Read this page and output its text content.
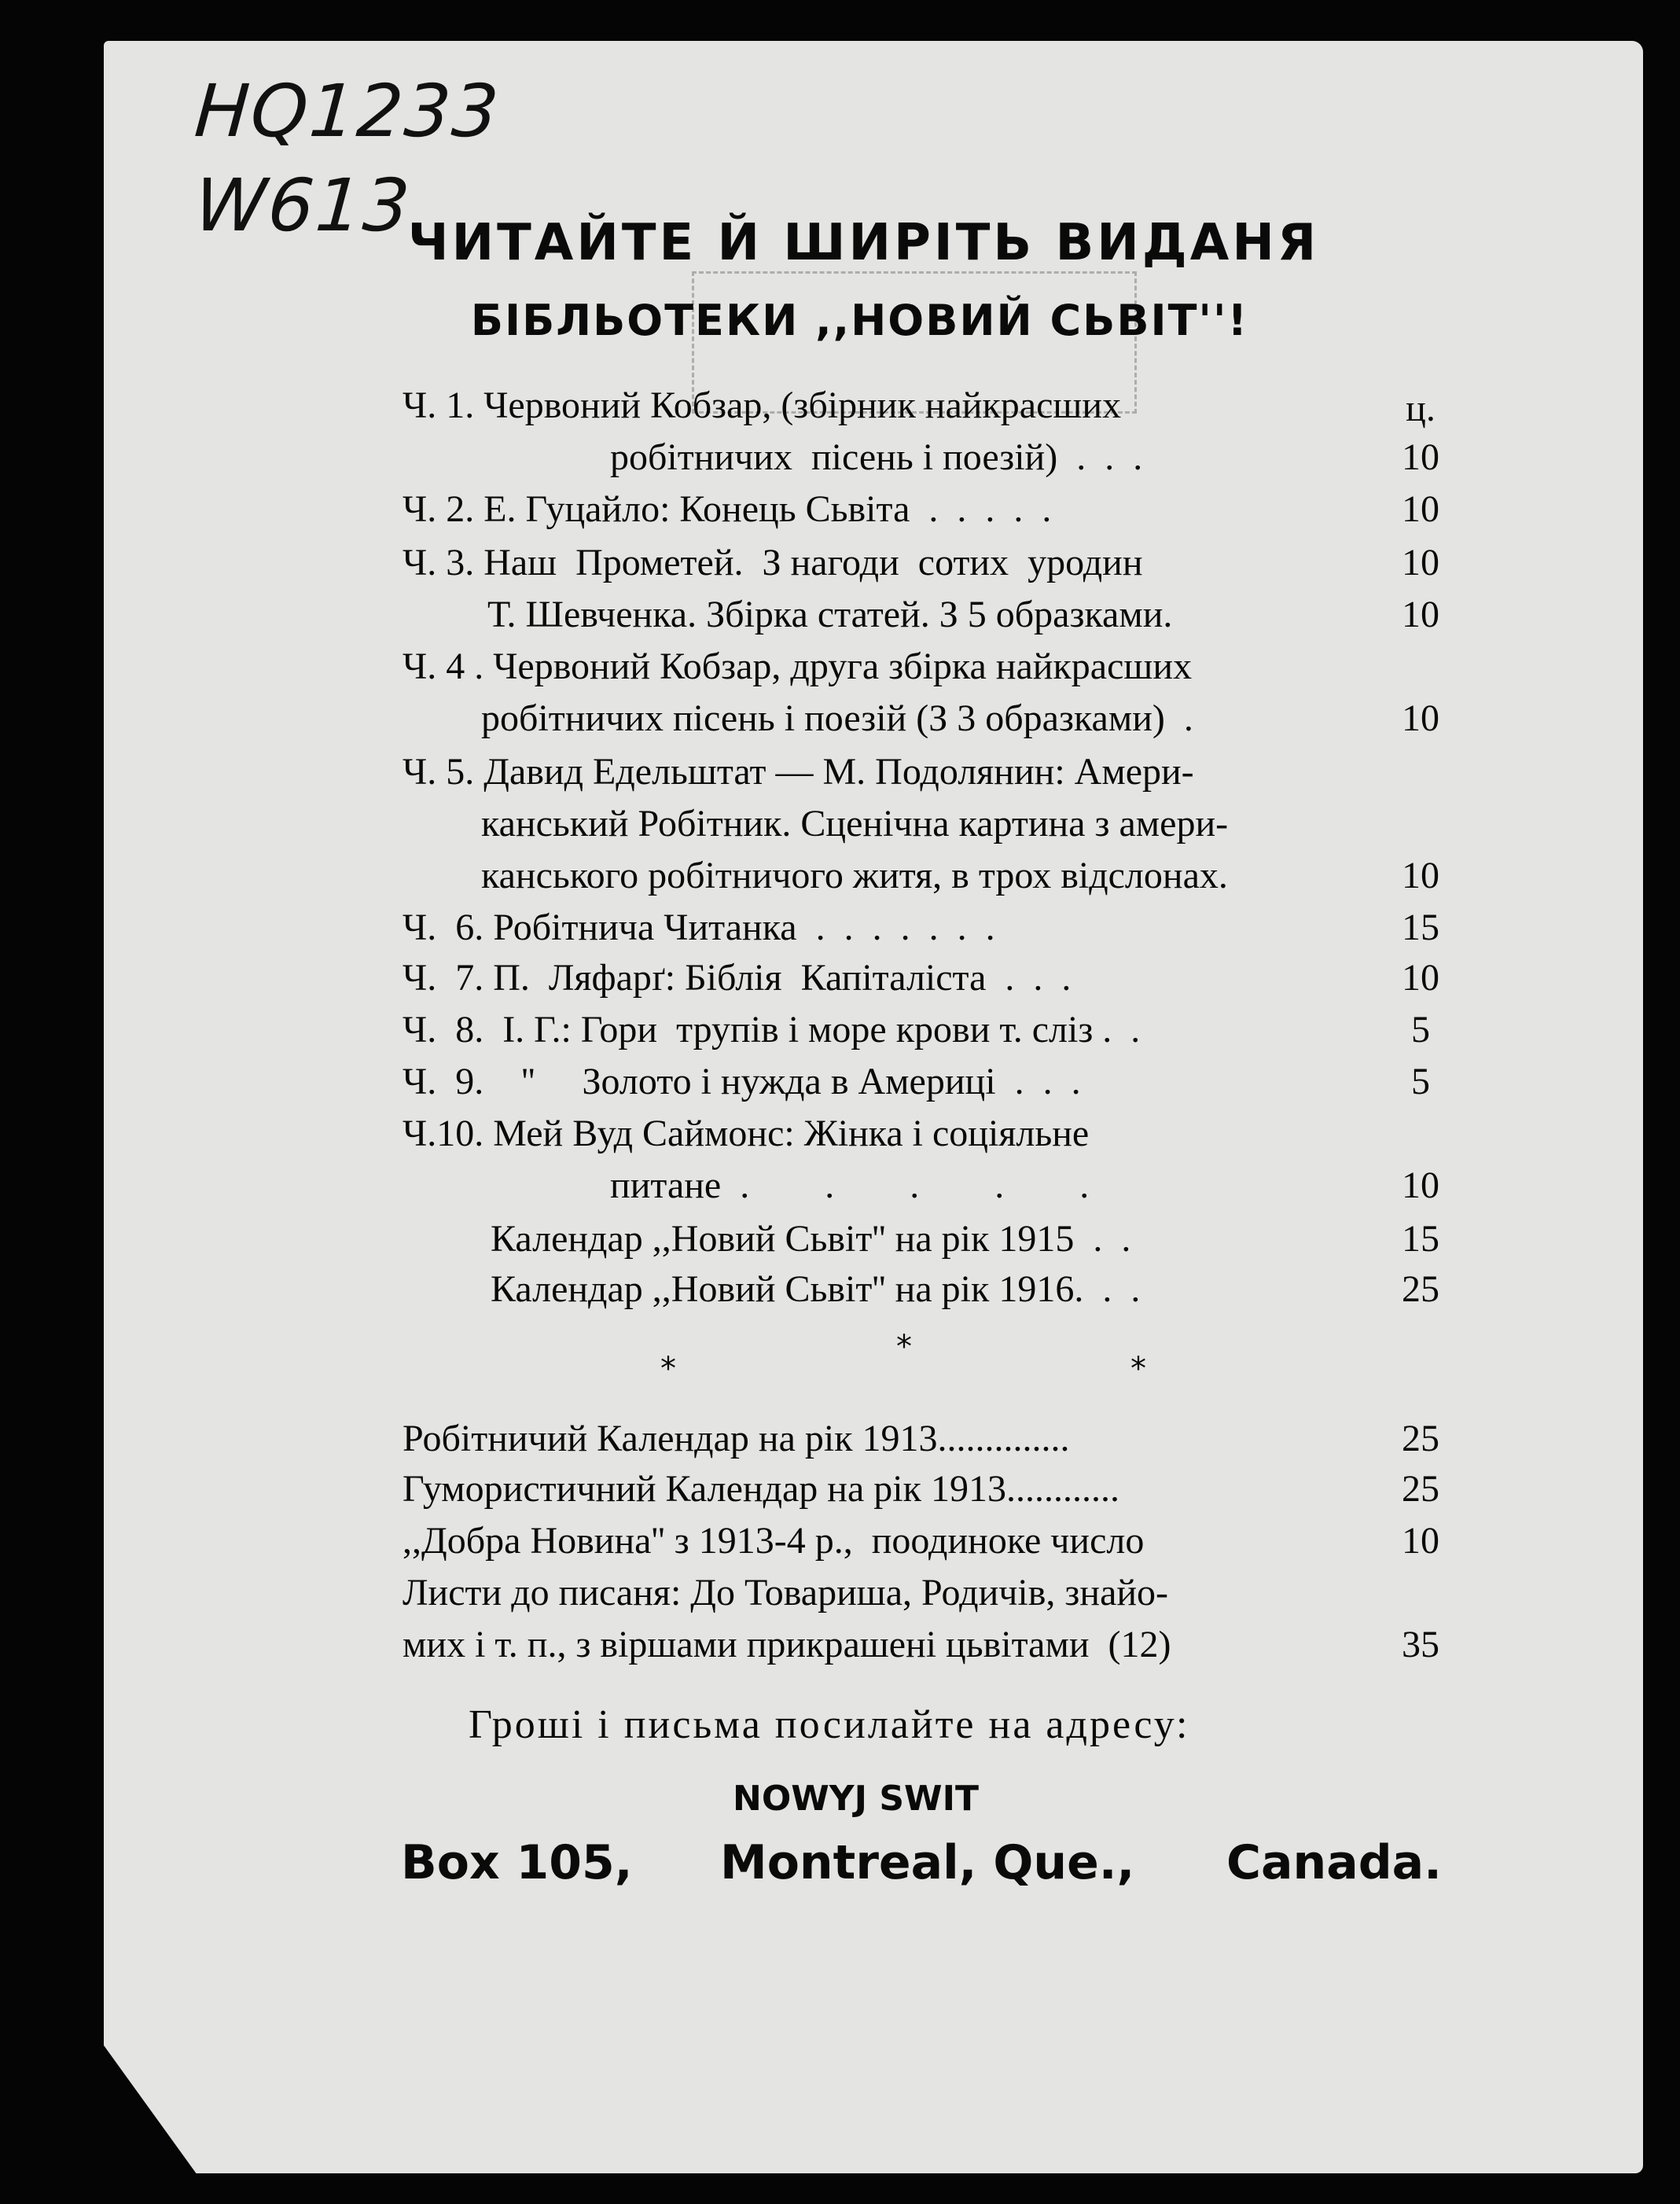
HQ1233
W613
ЧИТАЙТЕ Й ШИРІТЬ ВИДАНЯ
БІБЛЬОТЕКИ ,,НОВИЙ СЬВІТ''!
Ч. 1. Червоний Кобзар, (збірник найкрасших	ц.
робітничих  пісень і поезій)  .  .  .	10
Ч. 2. Е. Гуцайло: Конець Сьвіта  .  .  .  .  .	10
Ч. 3. Наш  Прометей.  З нагоди  сотих  уродин	10
Т. Шевченка. Збірка статей. З 5 образками.	10
Ч. 4 . Червоний Кобзар, друга збірка найкрасших
робітничих пісень і поезій (З 3 образками)  .	10
Ч. 5. Давид Едельштат — М. Подолянин: Амери-
канський Робітник. Сценічна картина з амери-
канського робітничого житя, в трох відслонах.	10
Ч.  6. Робітнича Читанка  .  .  .  .  .  .  .	15
Ч.  7. П.  Ляфарґ: Біблія  Капіталіста  .  .  .	10
Ч.  8.  І. Г.: Гори  трупів і море крови т. сліз .  .	5
Ч.  9.    ''     Золото і нужда в Америці  .  .  .	5
Ч.10. Мей Вуд Саймонс: Жінка і соціяльне
питане  .        .        .        .        .	10
Календар ,,Новий Сьвіт'' на рік 1915  .  .	15
Календар ,,Новий Сьвіт'' на рік 1916.  .  .	25
*
*
*
Робітничий Календар на рік 1913..............	25
Гумористичний Календар на рік 1913............	25
,,Добра Новина'' з 1913-4 р.,  поодиноке число	10
Листи до писаня: До Товариша, Родичів, знайо-
мих і т. п., з віршами прикрашені цьвітами  (12)	35
Гроші і письма посилайте на адресу:
NOWYJ SWIT
Box 105, Montreal, Que., Canada.
